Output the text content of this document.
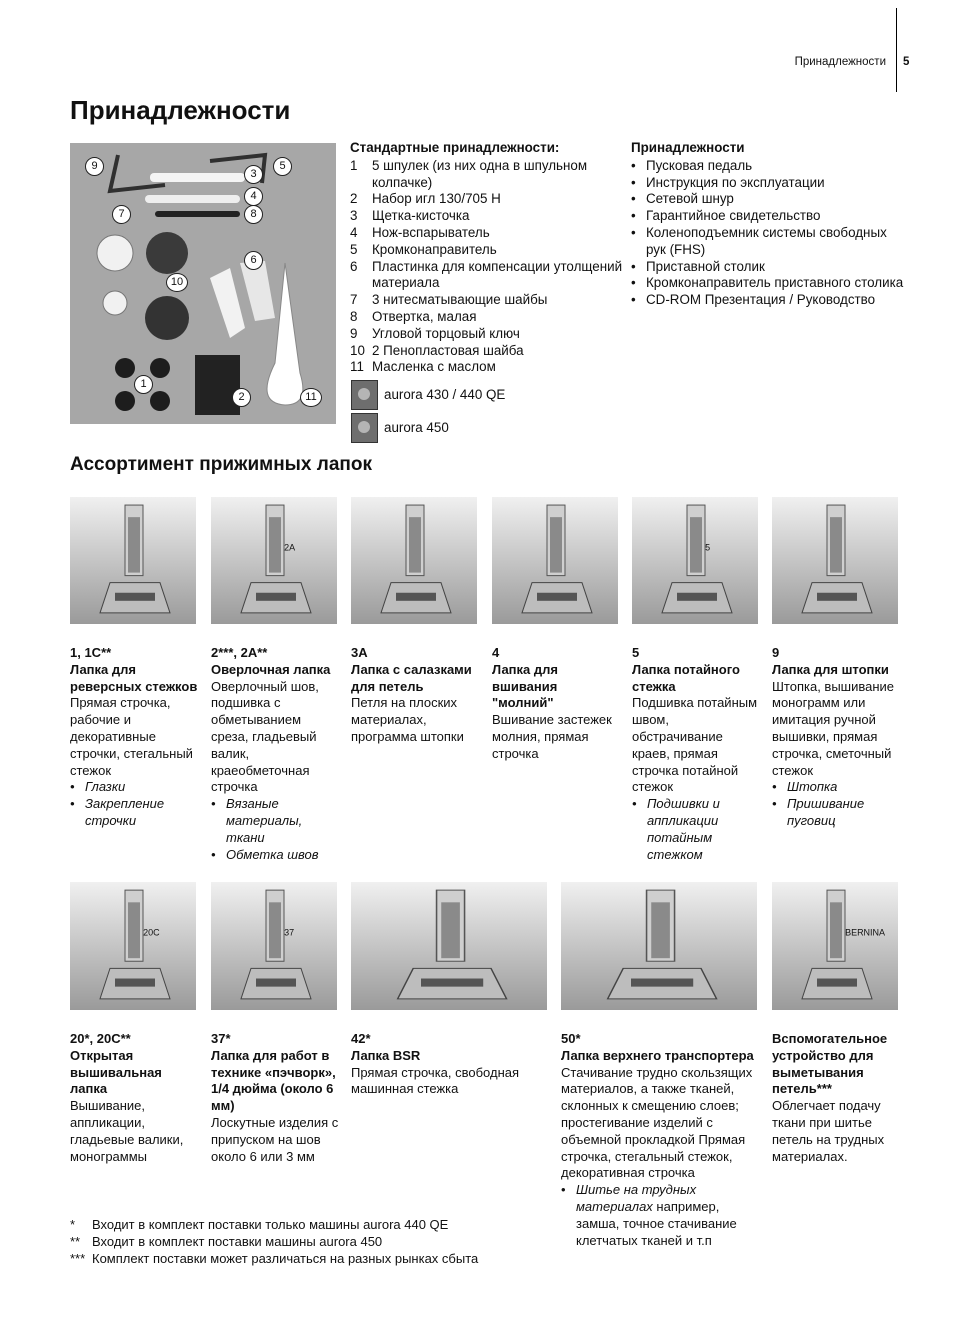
Принадлежности 5
Принадлежности
9	5
3
4
7	8
6
10
1
2	11
Стандартные принадлежности:
1 5 шпулек (из них одна в шпульном колпачке)
2 Набор игл 130/705 H
3 Щетка-кисточка
4 Нож-вспарыватель
5 Кромконаправитель
6 Пластинка для компенсации утолщений материала
7 3 нитесматывающие шайбы
8 Отвертка, малая
9 Угловой торцовый ключ
10 2 Пенопластовая шайба
11 Масленка с маслом
aurora 430 / 440 QE
aurora 450
Принадлежности
• Пусковая педаль
• Инструкция по эксплуатации
• Сетевой шнур
• Гарантийное свидетельство
• Коленоподъемник системы свободных рук (FHS)
• Приставной столик
• Кромконаправитель приставного столика
• CD-ROM Презентация / Руководство
Ассортимент прижимных лапок
1, 1C**
Лапка для реверсных стежков
Прямая строчка, рабочие и декоративные строчки, стегальный стежок
• Глазки
• Закрепление строчки
2A
2***, 2A**
Оверлочная лапка
Оверлочный шов, подшивка с обметыванием среза, гладьевый валик, краеобметочная строчка
• Вязаные материалы, ткани
• Обметка швов
3A
Лапка с салазками для петель
Петля на плоских материалах, программа штопки
4
Лапка для вшивания "молний"
Вшивание застежек молния, прямая строчка
5
5
Лапка потайного стежка
Подшивка потайным швом, обстрачивание краев, прямая строчка потайной стежок
• Подшивки и аппликации потайным стежком
9
Лапка для штопки
Штопка, вышивание монограмм или имитация ручной вышивки, прямая строчка, сметочный стежок
• Штопка
• Пришивание пуговиц
20C
20*, 20C**
Открытая вышивальная лапка
Вышивание, аппликации, гладьевые валики, монограммы
37
37*
Лапка для работ в технике «пэчворк», 1/4 дюйма (около 6 мм)
Лоскутные изделия с припуском на шов около 6 или 3 мм
42*
Лапка BSR
Прямая строчка, свободная машинная стежка
50*
Лапка верхнего транспортера
Стачивание трудно скользящих материалов, а также тканей, склонных к смещению слоев; простегивание изделий с объемной прокладкой Прямая строчка, стегальный стежок, декоративная строчка
• Шитье на трудных материалах например, замша, точное стачивание клетчатых тканей и т.п
BERNINA
Вспомогательное устройство для выметывания петель***
Облегчает подачу ткани при шитье петель на трудных материалах.
* Входит в комплект поставки только машины aurora 440 QE
** Входит в комплект поставки машины aurora 450
*** Комплект поставки может различаться на разных рынках сбыта
